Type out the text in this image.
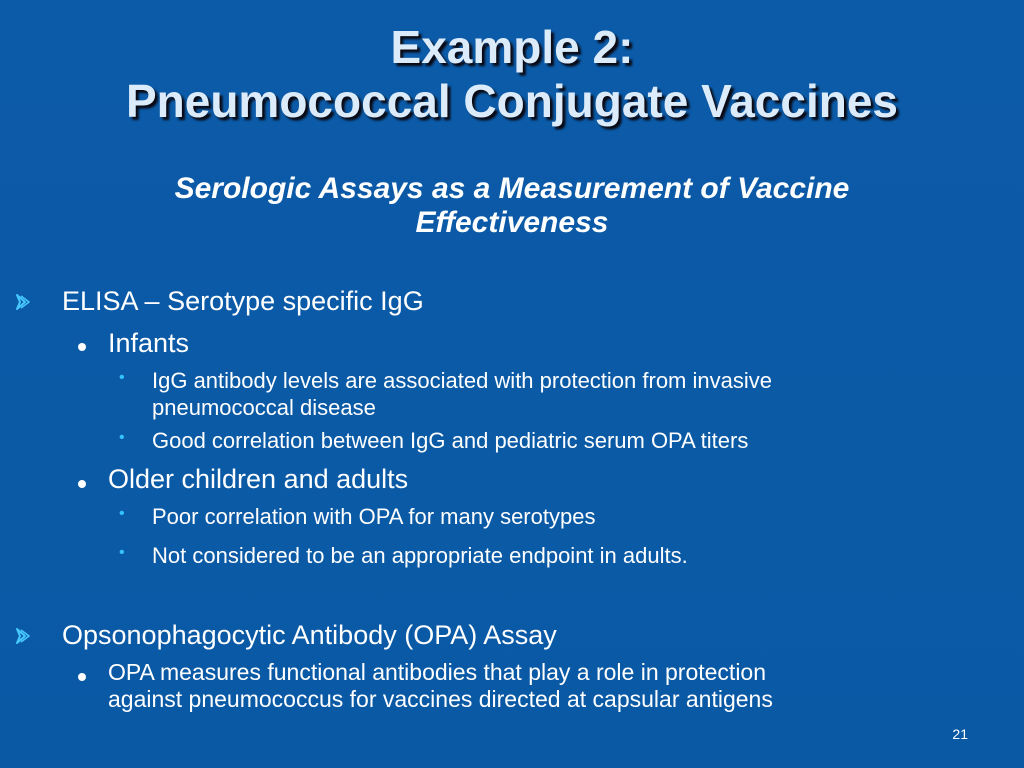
Example 2:
Pneumococcal Conjugate Vaccines
Serologic Assays as a Measurement of Vaccine
Effectiveness
ELISA – Serotype specific IgG
Infants
• IgG antibody levels are associated with protection from invasive
pneumococcal disease
• Good correlation between IgG and pediatric serum OPA titers
Older children and adults
• Poor correlation with OPA for many serotypes
• Not considered to be an appropriate endpoint in adults.
Opsonophagocytic Antibody (OPA) Assay
OPA measures functional antibodies that play a role in protection
against pneumococcus for vaccines directed at capsular antigens
21
